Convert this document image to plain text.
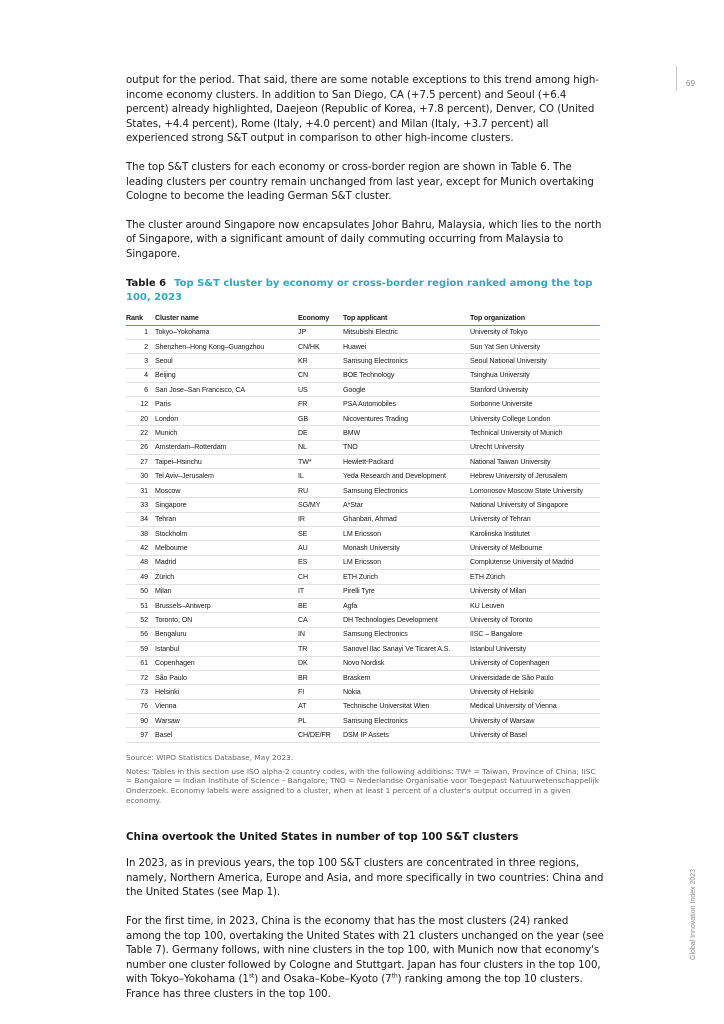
69
Global Innovation Index 2023

output for the period. That said, there are some notable exceptions to this trend among high-income economy clusters. In addition to San Diego, CA (+7.5 percent) and Seoul (+6.4 percent) already highlighted, Daejeon (Republic of Korea, +7.8 percent), Denver, CO (United States, +4.4 percent), Rome (Italy, +4.0 percent) and Milan (Italy, +3.7 percent) all experienced strong S&T output in comparison to other high-income clusters.

The top S&T clusters for each economy or cross-border region are shown in Table 6. The leading clusters per country remain unchanged from last year, except for Munich overtaking Cologne to become the leading German S&T cluster.

The cluster around Singapore now encapsulates Johor Bahru, Malaysia, which lies to the north of Singapore, with a significant amount of daily commuting occurring from Malaysia to Singapore.

Table 6 Top S&T cluster by economy or cross-border region ranked among the top 100, 2023
Rank	Cluster name	Economy	Top applicant	Top organization
1	Tokyo–Yokohama	JP	Mitsubishi Electric	University of Tokyo
2	Shenzhen–Hong Kong–Guangzhou	CN/HK	Huawei	Sun Yat Sen University
3	Seoul	KR	Samsung Electronics	Seoul National University
4	Beijing	CN	BOE Technology	Tsinghua University
6	San Jose–San Francisco, CA	US	Google	Stanford University
12	Paris	FR	PSA Automobiles	Sorbonne Universite
20	London	GB	Nicoventures Trading	University College London
22	Munich	DE	BMW	Technical University of Munich
26	Amsterdam–Rotterdam	NL	TNO	Utrecht University
27	Taipei–Hsinchu	TW*	Hewlett-Packard	National Taiwan University
30	Tel Aviv–Jerusalem	IL	Yeda Research and Development	Hebrew University of Jerusalem
31	Moscow	RU	Samsung Electronics	Lomonosov Moscow State University
33	Singapore	SG/MY	A*Star	National University of Singapore
34	Tehran	IR	Ghanbari, Ahmad	University of Tehran
38	Stockholm	SE	LM Ericsson	Karolinska Institutet
42	Melbourne	AU	Monash University	University of Melbourne
48	Madrid	ES	LM Ericsson	Complutense University of Madrid
49	Zürich	CH	ETH Zurich	ETH Zürich
50	Milan	IT	Pirelli Tyre	University of Milan
51	Brussels–Antwerp	BE	Agfa	KU Leuven
52	Toronto, ON	CA	DH Technologies Development	University of Toronto
56	Bengaluru	IN	Samsung Electronics	IISC – Bangalore
59	Istanbul	TR	Sanovel Ilac Sanayi Ve Ticaret A.S.	Istanbul University
61	Copenhagen	DK	Novo Nordisk	University of Copenhagen
72	São Paulo	BR	Braskem	Universidade de São Paulo
73	Helsinki	FI	Nokia	University of Helsinki
76	Vienna	AT	Technische Universitat Wien	Medical University of Vienna
90	Warsaw	PL	Samsung Electronics	University of Warsaw
97	Basel	CH/DE/FR	DSM IP Assets	University of Basel
Source: WIPO Statistics Database, May 2023.
Notes: Tables in this section use ISO alpha-2 country codes, with the following additions: TW* = Taiwan, Province of China; IISC = Bangalore = Indian Institute of Science – Bangalore; TNO = Nederlandse Organisatie voor Toegepast Natuurwetenschappelijk Onderzoek. Economy labels were assigned to a cluster, when at least 1 percent of a cluster's output occurred in a given economy.
China overtook the United States in number of top 100 S&T clusters

In 2023, as in previous years, the top 100 S&T clusters are concentrated in three regions, namely, Northern America, Europe and Asia, and more specifically in two countries: China and the United States (see Map 1).

For the first time, in 2023, China is the economy that has the most clusters (24) ranked among the top 100, overtaking the United States with 21 clusters unchanged on the year (see Table 7). Germany follows, with nine clusters in the top 100, with Munich now that economy's number one cluster followed by Cologne and Stuttgart. Japan has four clusters in the top 100, with Tokyo–Yokohama (1st) and Osaka–Kobe–Kyoto (7th) ranking among the top 10 clusters. France has three clusters in the top 100.
